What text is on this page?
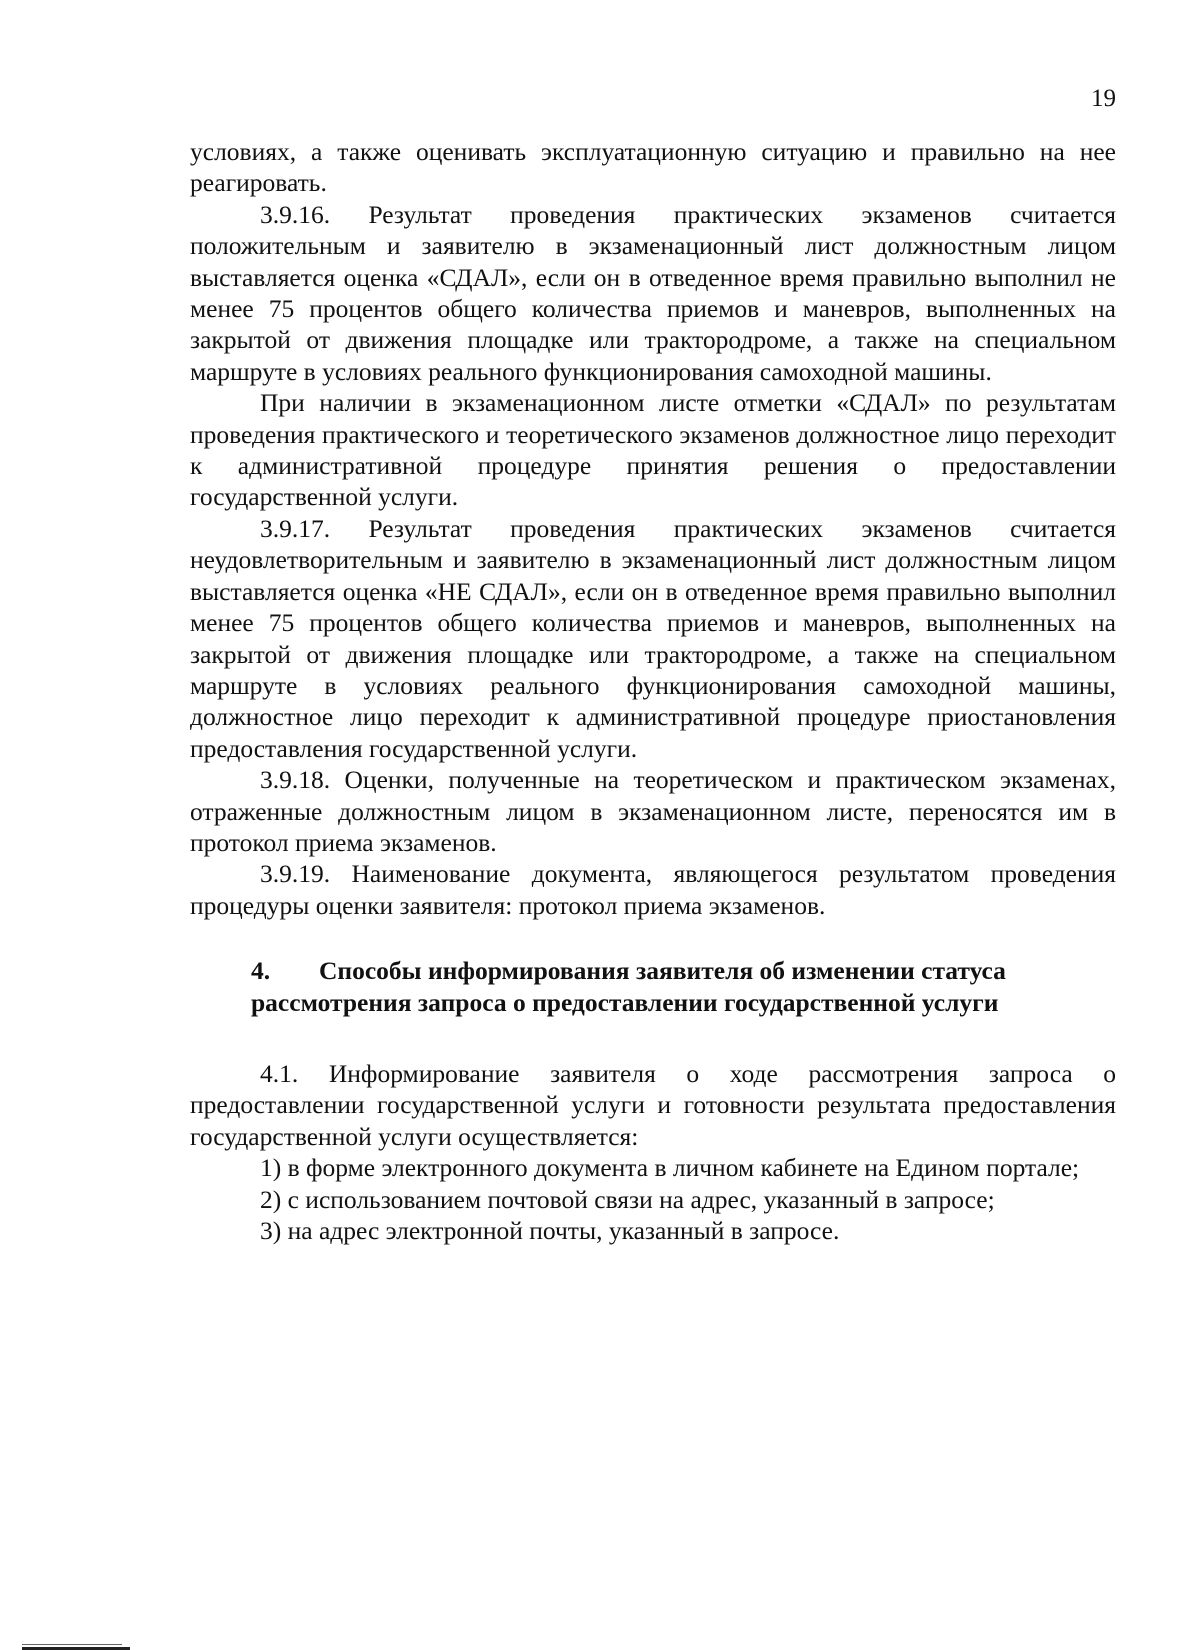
19

условиях, а также оценивать эксплуатационную ситуацию и правильно на нее реагировать.

3.9.16. Результат проведения практических экзаменов считается положительным и заявителю в экзаменационный лист должностным лицом выставляется оценка «СДАЛ», если он в отведенное время правильно выполнил не менее 75 процентов общего количества приемов и маневров, выполненных на закрытой от движения площадке или трактородроме, а также на специальном маршруте в условиях реального функционирования самоходной машины.

При наличии в экзаменационном листе отметки «СДАЛ» по результатам проведения практического и теоретического экзаменов должностное лицо переходит к административной процедуре принятия решения о предоставлении государственной услуги.

3.9.17. Результат проведения практических экзаменов считается неудовлетворительным и заявителю в экзаменационный лист должностным лицом выставляется оценка «НЕ СДАЛ», если он в отведенное время правильно выполнил менее 75 процентов общего количества приемов и маневров, выполненных на закрытой от движения площадке или трактородроме, а также на специальном маршруте в условиях реального функционирования самоходной машины, должностное лицо переходит к административной процедуре приостановления предоставления государственной услуги.

3.9.18. Оценки, полученные на теоретическом и практическом экзаменах, отраженные должностным лицом в экзаменационном листе, переносятся им в протокол приема экзаменов.

3.9.19. Наименование документа, являющегося результатом проведения процедуры оценки заявителя: протокол приема экзаменов.

4. Способы информирования заявителя об изменении статуса
рассмотрения запроса о предоставлении государственной услуги

4.1. Информирование заявителя о ходе рассмотрения запроса о предоставлении государственной услуги и готовности результата предоставления государственной услуги осуществляется:

1) в форме электронного документа в личном кабинете на Едином портале;

2) с использованием почтовой связи на адрес, указанный в запросе;

3) на адрес электронной почты, указанный в запросе.
